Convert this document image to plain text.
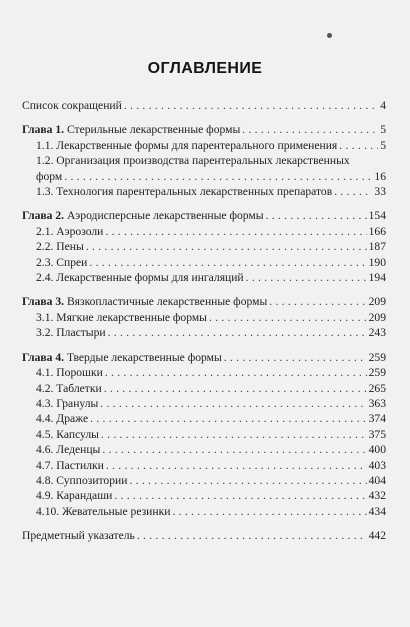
ОГЛАВЛЕНИЕ
Список сокращений . . .	4
Глава 1. Стерильные лекарственные формы . . .	5
1.1. Лекарственные формы для парентерального применения . . .	5
1.2. Организация производства парентеральных лекарственных
форм . . .	16
1.3. Технология парентеральных лекарственных препаратов . . .	33
Глава 2. Аэродисперсные лекарственные формы . . .	154
2.1. Аэрозоли . . .	166
2.2. Пены . . .	187
2.3. Спреи . . .	190
2.4. Лекарственные формы для ингаляций . . .	194
Глава 3. Вязкопластичные лекарственные формы . . .	209
3.1. Мягкие лекарственные формы . . .	209
3.2. Пластыри . . .	243
Глава 4. Твердые лекарственные формы . . .	259
4.1. Порошки . . .	259
4.2. Таблетки . . .	265
4.3. Гранулы . . .	363
4.4. Драже . . .	374
4.5. Капсулы . . .	375
4.6. Леденцы . . .	400
4.7. Пастилки . . .	403
4.8. Суппозитории . . .	404
4.9. Карандаши . . .	432
4.10. Жевательные резинки . . .	434
Предметный указатель . . .	442
